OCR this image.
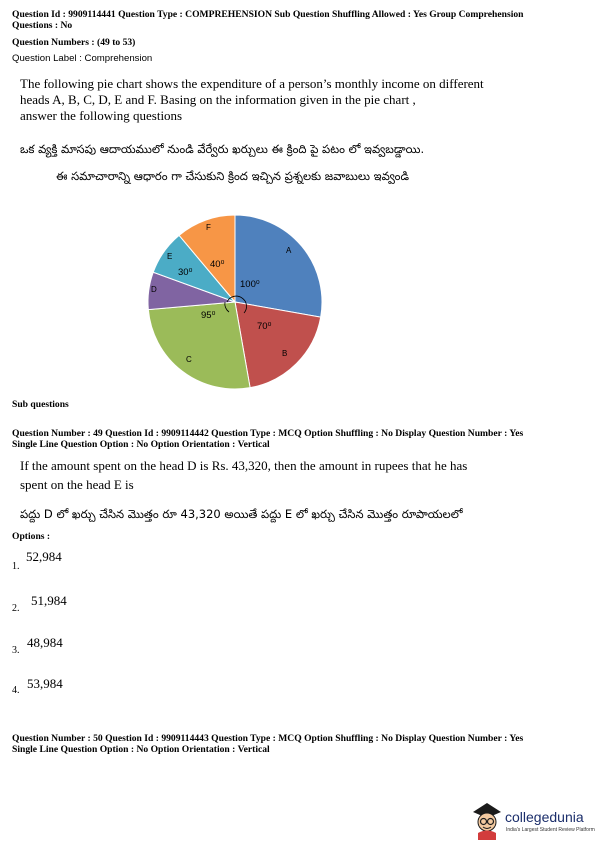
Question Id : 9909114441 Question Type : COMPREHENSION Sub Question Shuffling Allowed : Yes Group Comprehension
Questions : No
Question Numbers : (49 to 53)
Question Label : Comprehension
The following pie chart shows the expenditure of a person’s monthly income on different
heads A, B, C, D, E and F. Basing on the information given in the pie chart ,
answer the following questions
ఒక వ్యక్తి మాసపు ఆదాయములో నుండి వేర్వేరు ఖర్చులు ఈ క్రింది పై పటం లో ఇవ్వబడ్డాయి.
ఈ సమాచారాన్ని ఆధారం గా చేసుకుని క్రింద ఇచ్చిన ప్రశ్నలకు జవాబులు ఇవ్వండి
A
B
C
D
E
F
100⁰
70⁰
95⁰
30⁰
40⁰
Sub questions
Question Number : 49 Question Id : 9909114442 Question Type : MCQ Option Shuffling : No Display Question Number : Yes
Single Line Question Option : No Option Orientation : Vertical
If the amount spent on the head D is Rs. 43,320, then the amount in rupees that he has
spent on the head E is
పద్దు D లో ఖర్చు చేసిన మొత్తం రూ 43,320 అయితే పద్దు E లో ఖర్చు చేసిన మొత్తం రూపాయలలో
Options :
1.
52,984
2.
51,984
3.
48,984
4. 53,984
Question Number : 50 Question Id : 9909114443 Question Type : MCQ Option Shuffling : No Display Question Number : Yes
Single Line Question Option : No Option Orientation : Vertical
collegedunia
India's Largest Student Review Platform
